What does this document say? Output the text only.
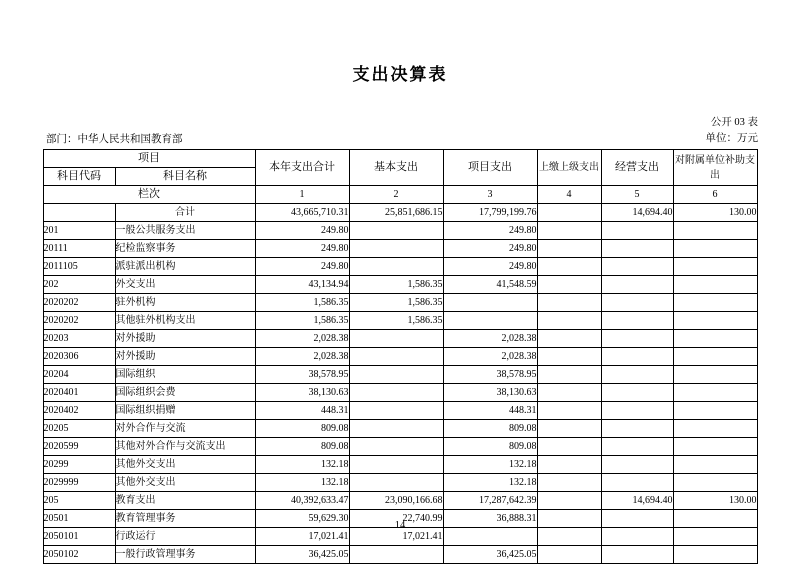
支出决算表
部门：中华人民共和国教育部
公开 03 表
单位：万元
项目		本年支出合计	基本支出	项目支出	上缴上级支出	经营支出	对附属单位补助支出
科目代码	科目名称						
栏次		1	2	3	4	5	6
	合计	43,665,710.31	25,851,686.15	17,799,199.76		14,694.40	130.00
201	一般公共服务支出	249.80		249.80			
20111	纪检监察事务	249.80		249.80			
2011105	派驻派出机构	249.80		249.80			
202	外交支出	43,134.94	1,586.35	41,548.59			
2020202	驻外机构	1,586.35	1,586.35				
2020202	其他驻外机构支出	1,586.35	1,586.35				
20203	对外援助	2,028.38		2,028.38			
2020306	对外援助	2,028.38		2,028.38			
20204	国际组织	38,578.95		38,578.95			
2020401	国际组织会费	38,130.63		38,130.63			
2020402	国际组织捐赠	448.31		448.31			
20205	对外合作与交流	809.08		809.08			
2020599	其他对外合作与交流支出	809.08		809.08			
20299	其他外交支出	132.18		132.18			
2029999	其他外交支出	132.18		132.18			
205	教育支出	40,392,633.47	23,090,166.68	17,287,642.39		14,694.40	130.00
20501	教育管理事务	59,629.30	22,740.99	36,888.31			
2050101	行政运行	17,021.41	17,021.41				
2050102	一般行政管理事务	36,425.05		36,425.05			
14
